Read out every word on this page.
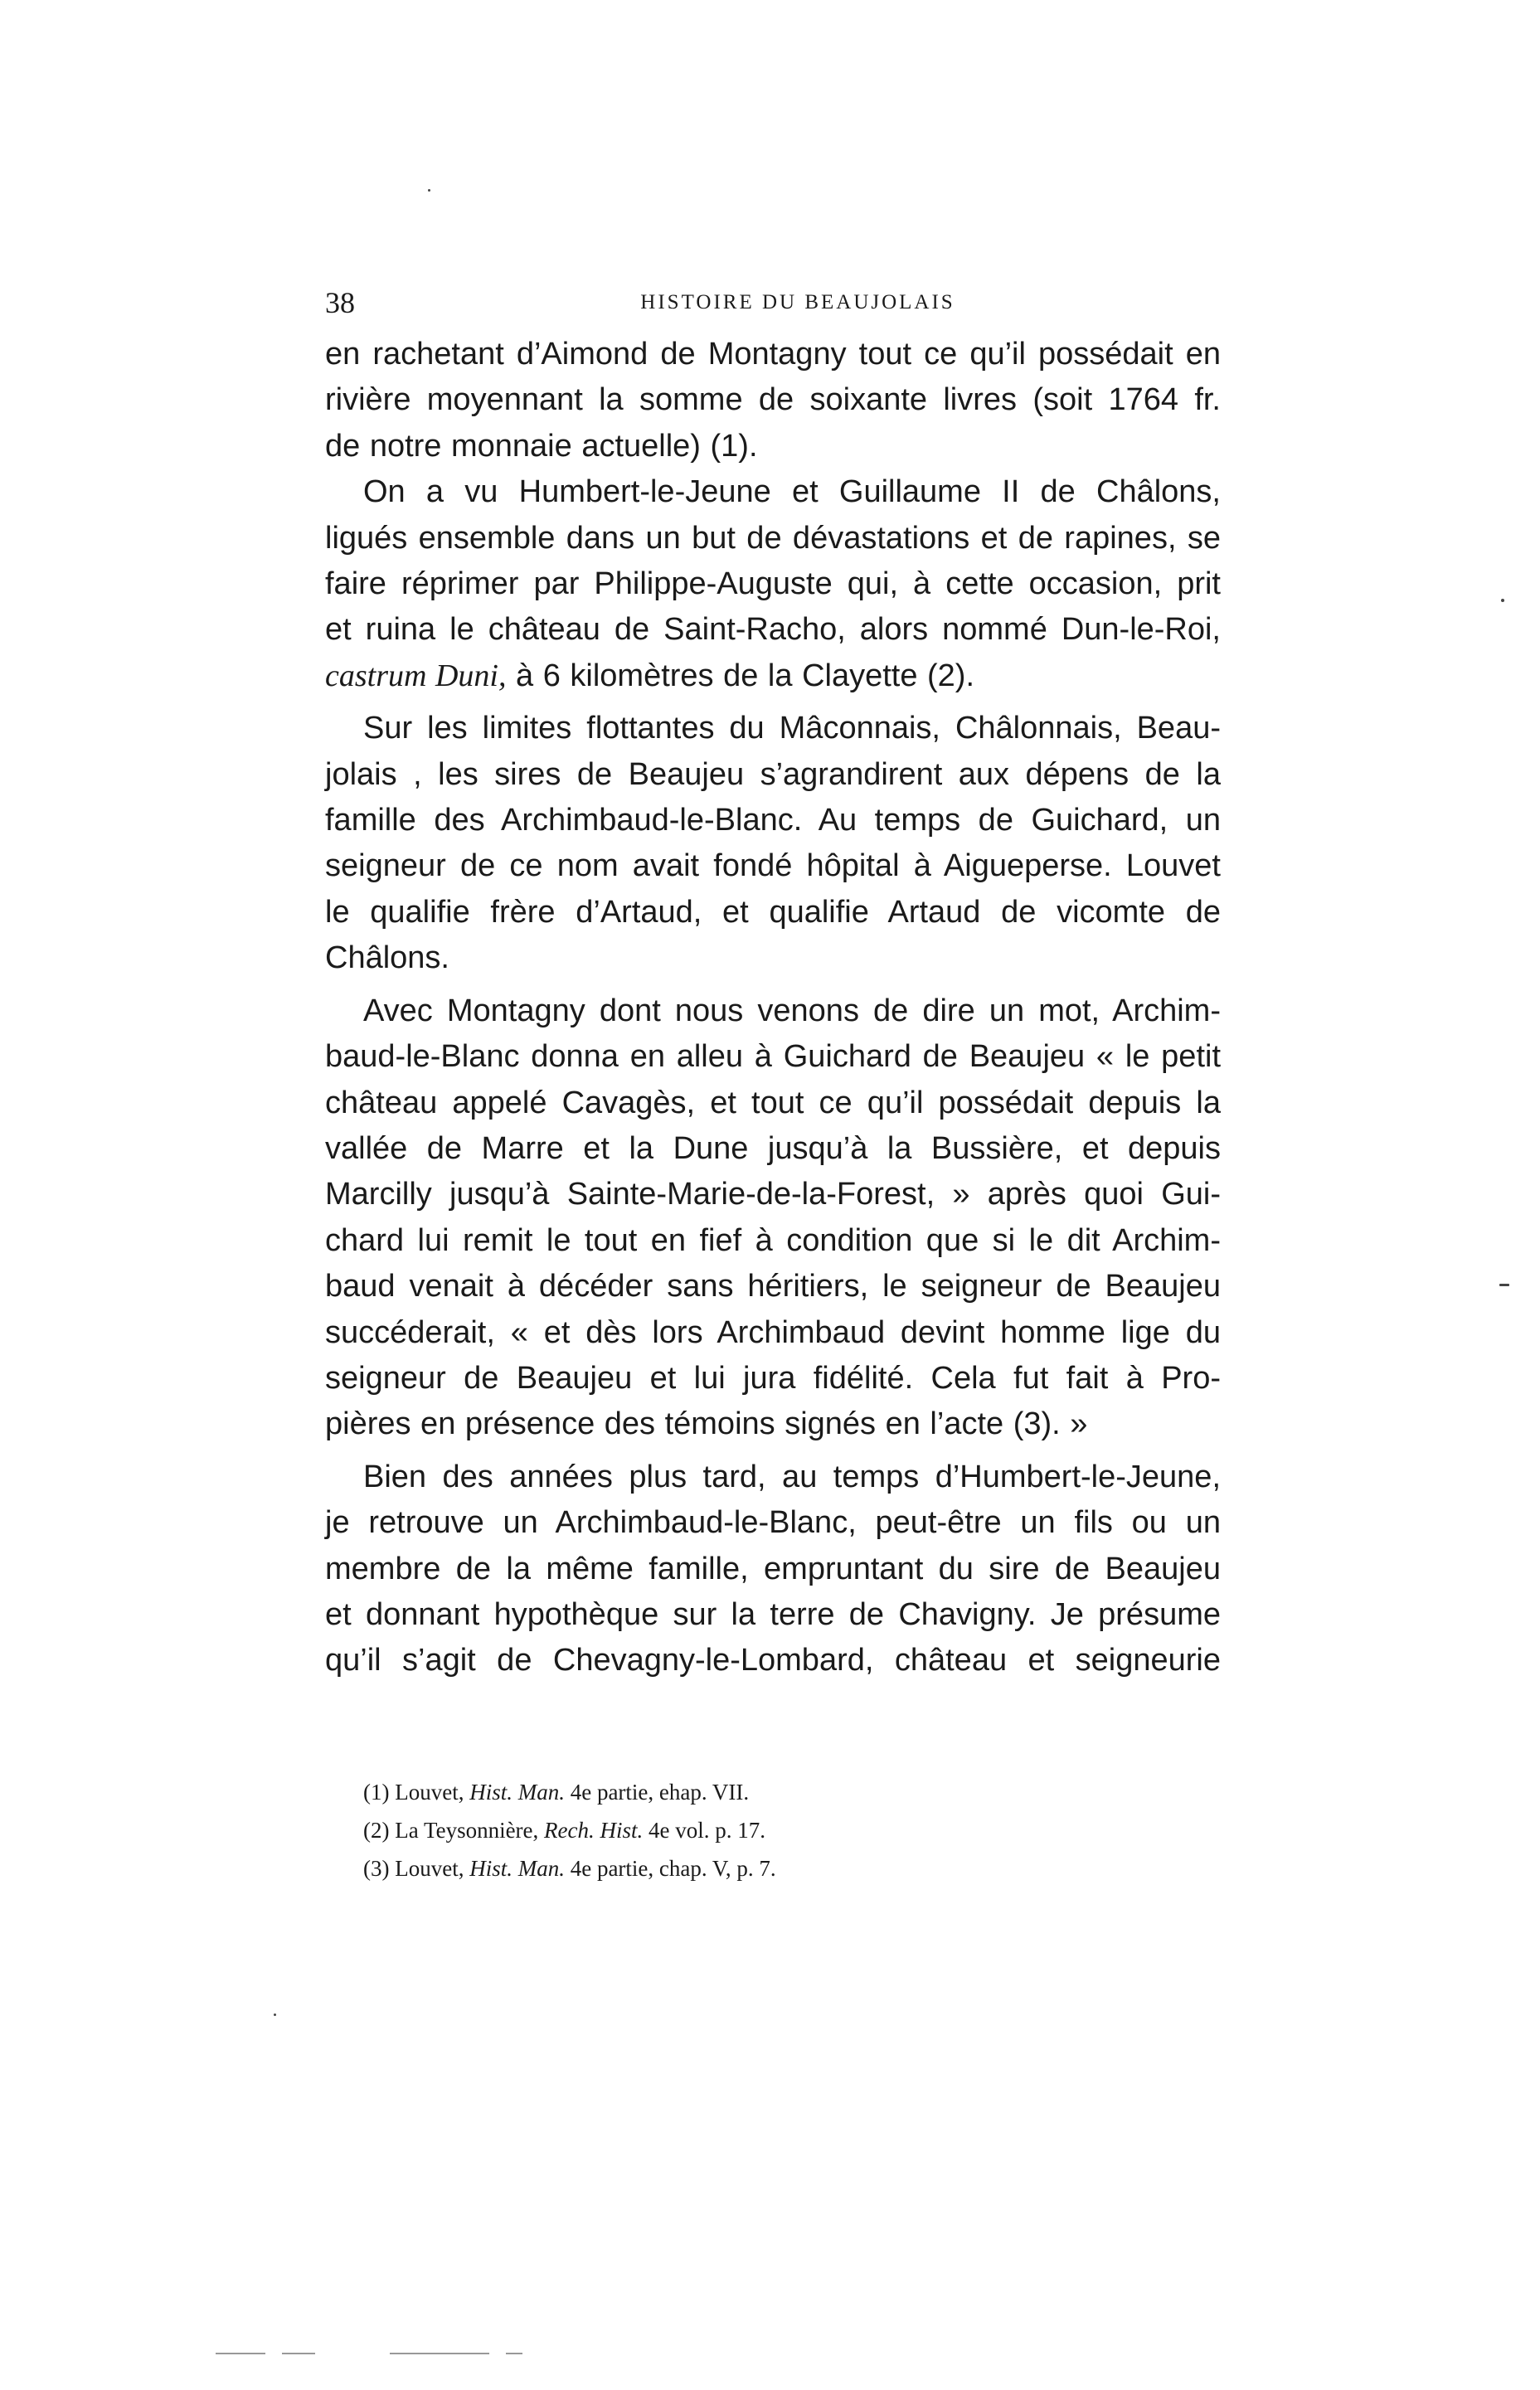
38	HISTOIRE DU BEAUJOLAIS

en rachetant d’Aimond de Montagny tout ce qu’il possédait en

rivière moyennant la somme de soixante livres (soit 1764 fr.

de notre monnaie actuelle) (1).

On a vu Humbert-le-Jeune et Guillaume II de Châlons,

ligués ensemble dans un but de dévastations et de rapines, se

faire réprimer par Philippe-Auguste qui, à cette occasion, prit

et ruina le château de Saint-Racho, alors nommé Dun-le-Roi,

castrum Duni, à 6 kilomètres de la Clayette (2).

Sur les limites flottantes du Mâconnais, Châlonnais, Beau-

jolais , les sires de Beaujeu s’agrandirent aux dépens de la

famille des Archimbaud-le-Blanc. Au temps de Guichard, un

seigneur de ce nom avait fondé hôpital à Aigueperse. Louvet

le qualifie frère d’Artaud, et qualifie Artaud de vicomte de

Châlons.

Avec Montagny dont nous venons de dire un mot, Archim-

baud-le-Blanc donna en alleu à Guichard de Beaujeu « le petit

château appelé Cavagès, et tout ce qu’il possédait depuis la

vallée de Marre et la Dune jusqu’à la Bussière, et depuis

Marcilly jusqu’à Sainte-Marie-de-la-Forest, » après quoi Gui-

chard lui remit le tout en fief à condition que si le dit Archim-

baud venait à décéder sans héritiers, le seigneur de Beaujeu

succéderait, « et dès lors Archimbaud devint homme lige du

seigneur de Beaujeu et lui jura fidélité. Cela fut fait à Pro-

pières en présence des témoins signés en l’acte (3). »

Bien des années plus tard, au temps d’Humbert-le-Jeune,

je retrouve un Archimbaud-le-Blanc, peut-être un fils ou un

membre de la même famille, empruntant du sire de Beaujeu

et donnant hypothèque sur la terre de Chavigny. Je présume

qu’il s’agit de Chevagny-le-Lombard, château et seigneurie

(1) Louvet, Hist. Man. 4e partie, ehap. VII.
(2) La Teysonnière, Rech. Hist. 4e vol. p. 17.
(3) Louvet, Hist. Man. 4e partie, chap. V, p. 7.
